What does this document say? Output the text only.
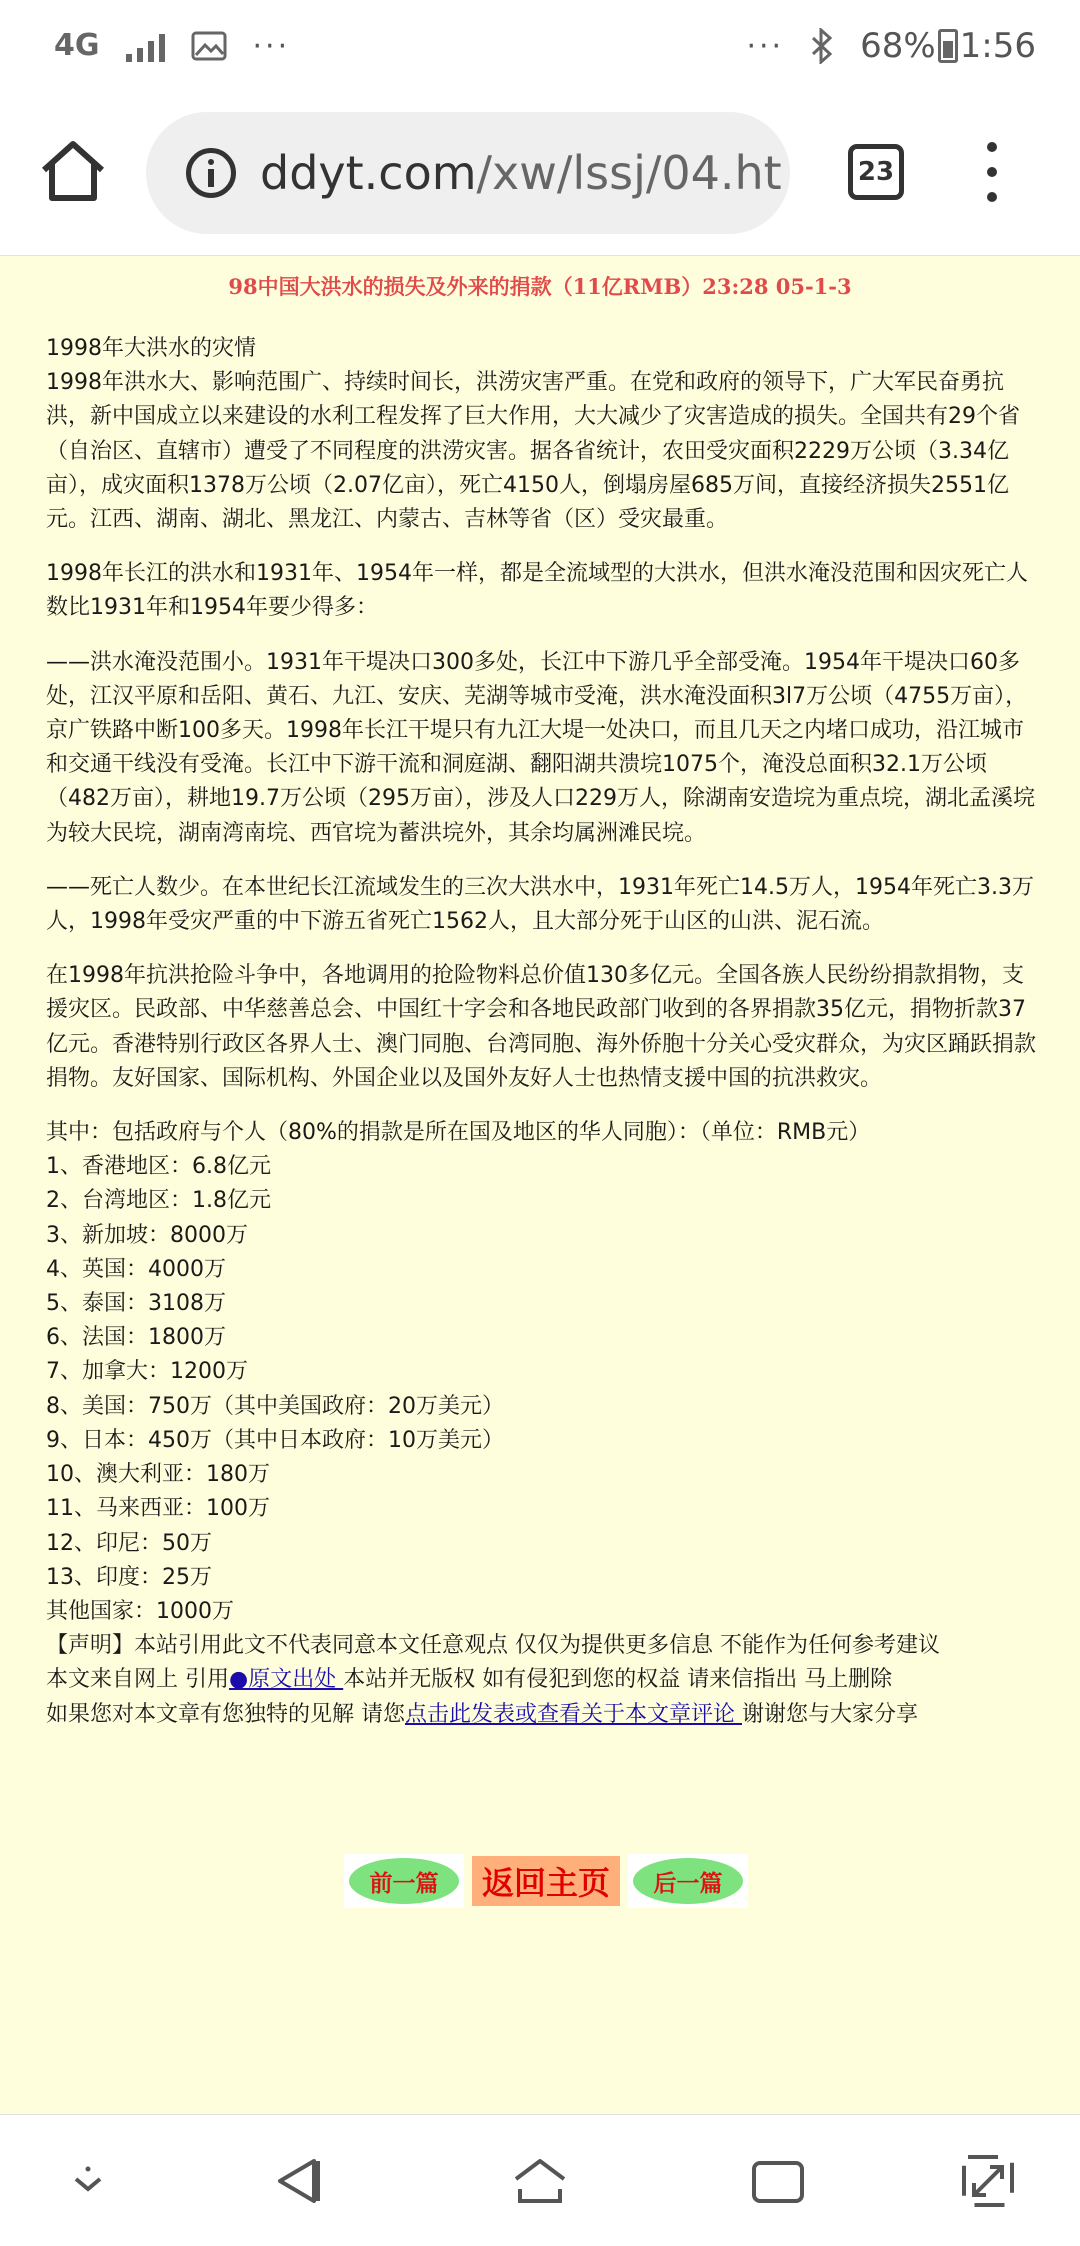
4G	···	··· 68% 1:56
ddyt.com/xw/lssj/04.ht	23
98中国大洪水的损失及外来的捐款（11亿RMB）23:28 05-1-3

1998年大洪水的灾情

1998年洪水大、影响范围广、持续时间长，洪涝灾害严重。在党和政府的领导下，广大军民奋勇抗洪，新中国成立以来建设的水利工程发挥了巨大作用，大大减少了灾害造成的损失。全国共有29个省（自治区、直辖市）遭受了不同程度的洪涝灾害。据各省统计，农田受灾面积2229万公顷（3.34亿亩），成灾面积1378万公顷（2.07亿亩），死亡4150人，倒塌房屋685万间，直接经济损失2551亿元。江西、湖南、湖北、黑龙江、内蒙古、吉林等省（区）受灾最重。

1998年长江的洪水和1931年、1954年一样，都是全流域型的大洪水，但洪水淹没范围和因灾死亡人数比1931年和1954年要少得多：

——洪水淹没范围小。1931年干堤决口300多处，长江中下游几乎全部受淹。1954年干堤决口60多处，江汉平原和岳阳、黄石、九江、安庆、芜湖等城市受淹，洪水淹没面积3l7万公顷（4755万亩），京广铁路中断100多天。1998年长江干堤只有九江大堤一处决口，而且几天之内堵口成功，沿江城市和交通干线没有受淹。长江中下游干流和洞庭湖、翻阳湖共溃垸1075个，淹没总面积32.1万公顷（482万亩），耕地19.7万公顷（295万亩），涉及人口229万人，除湖南安造垸为重点垸，湖北孟溪垸为较大民垸，湖南湾南垸、西官垸为蓄洪垸外，其余均属洲滩民垸。

——死亡人数少。在本世纪长江流域发生的三次大洪水中，1931年死亡14.5万人，1954年死亡3.3万人，1998年受灾严重的中下游五省死亡1562人，且大部分死于山区的山洪、泥石流。

在1998年抗洪抢险斗争中，各地调用的抢险物料总价值130多亿元。全国各族人民纷纷捐款捐物，支援灾区。民政部、中华慈善总会、中国红十字会和各地民政部门收到的各界捐款35亿元，捐物折款37亿元。香港特别行政区各界人士、澳门同胞、台湾同胞、海外侨胞十分关心受灾群众，为灾区踊跃捐款捐物。友好国家、国际机构、外国企业以及国外友好人士也热情支援中国的抗洪救灾。

其中：包括政府与个人（80%的捐款是所在国及地区的华人同胞）：（单位：RMB元）

1、香港地区：6.8亿元

2、台湾地区：1.8亿元

3、新加坡：8000万

4、英国：4000万

5、泰国：3108万

6、法国：1800万

7、加拿大：1200万

8、美国：750万（其中美国政府：20万美元）

9、日本：450万（其中日本政府：10万美元）

10、澳大利亚：180万

11、马来西亚：100万

12、印尼：50万

13、印度：25万

其他国家：1000万

【声明】本站引用此文不代表同意本文任意观点 仅仅为提供更多信息 不能作为任何参考建议

本文来自网上 引用●原文出处 本站并无版权 如有侵犯到您的权益 请来信指出 马上删除

如果您对本文章有您独特的见解 请您点击此发表或查看关于本文章评论 谢谢您与大家分享

前一篇	返回主页	后一篇
